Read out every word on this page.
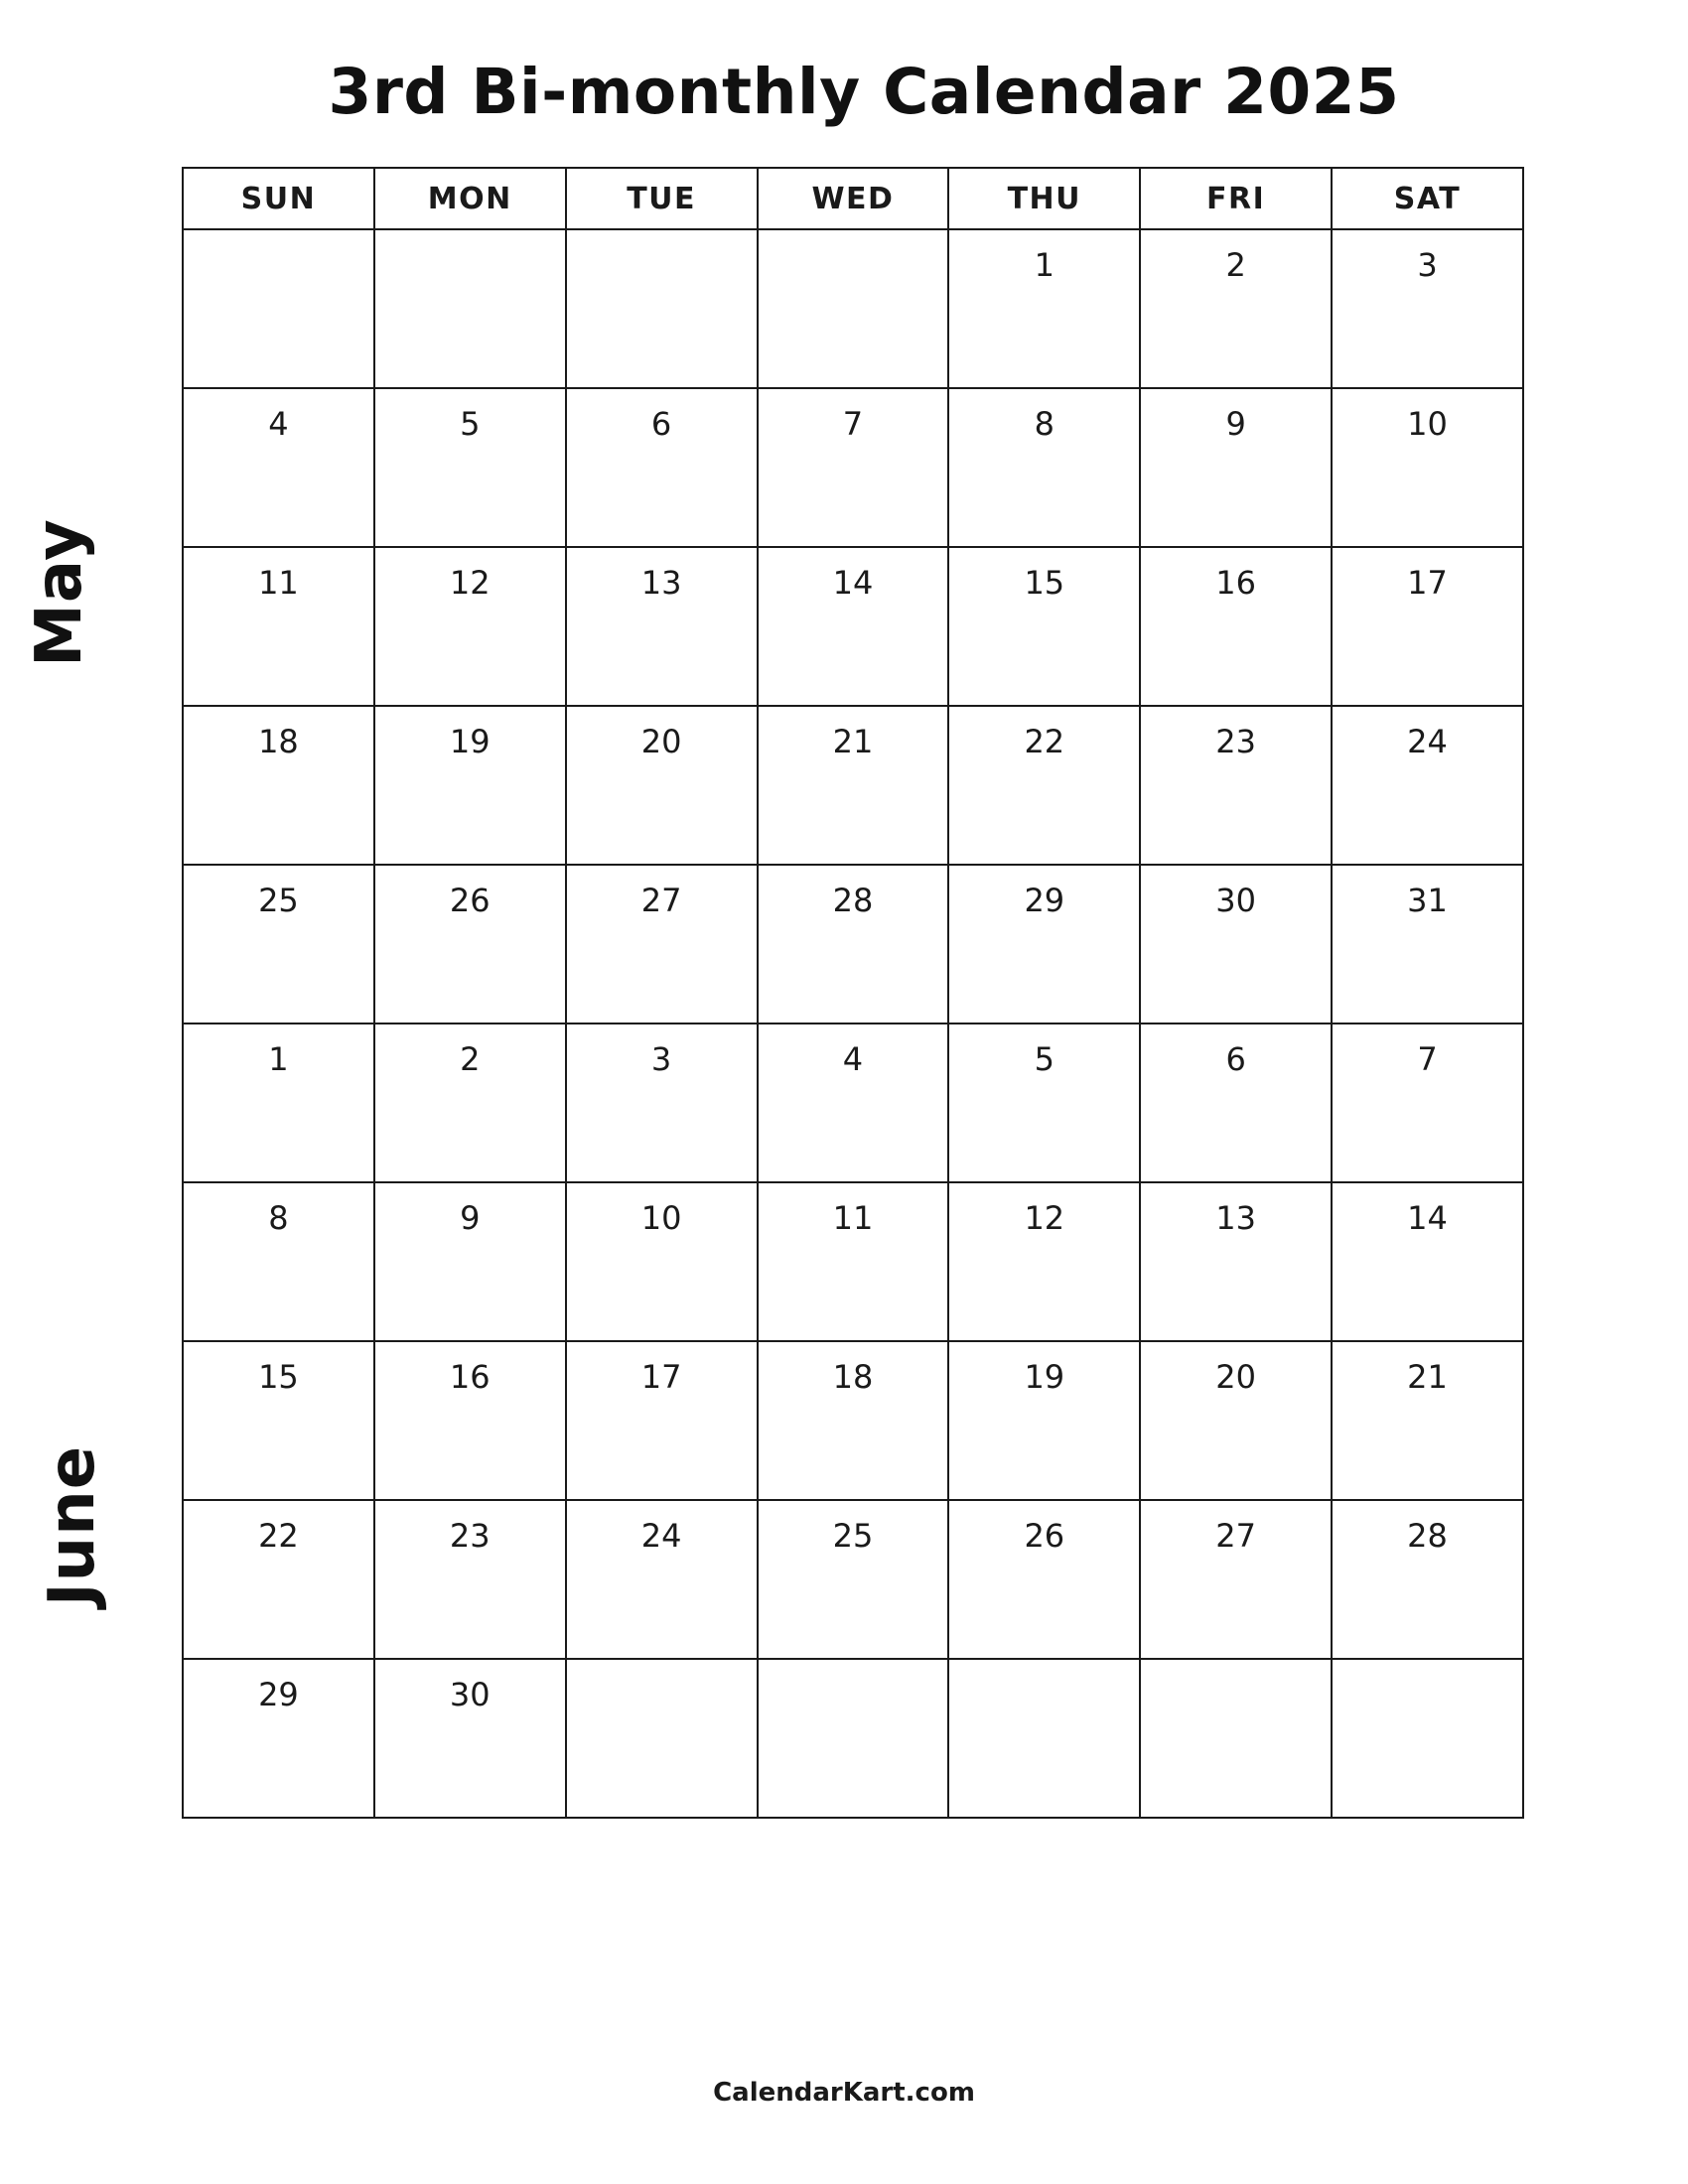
3rd Bi-monthly Calendar 2025
May
June
SUN	MON	TUE	WED	THU	FRI	SAT
				1	2	3
4	5	6	7	8	9	10
11	12	13	14	15	16	17
18	19	20	21	22	23	24
25	26	27	28	29	30	31
1	2	3	4	5	6	7
8	9	10	11	12	13	14
15	16	17	18	19	20	21
22	23	24	25	26	27	28
29	30					
CalendarKart.com
